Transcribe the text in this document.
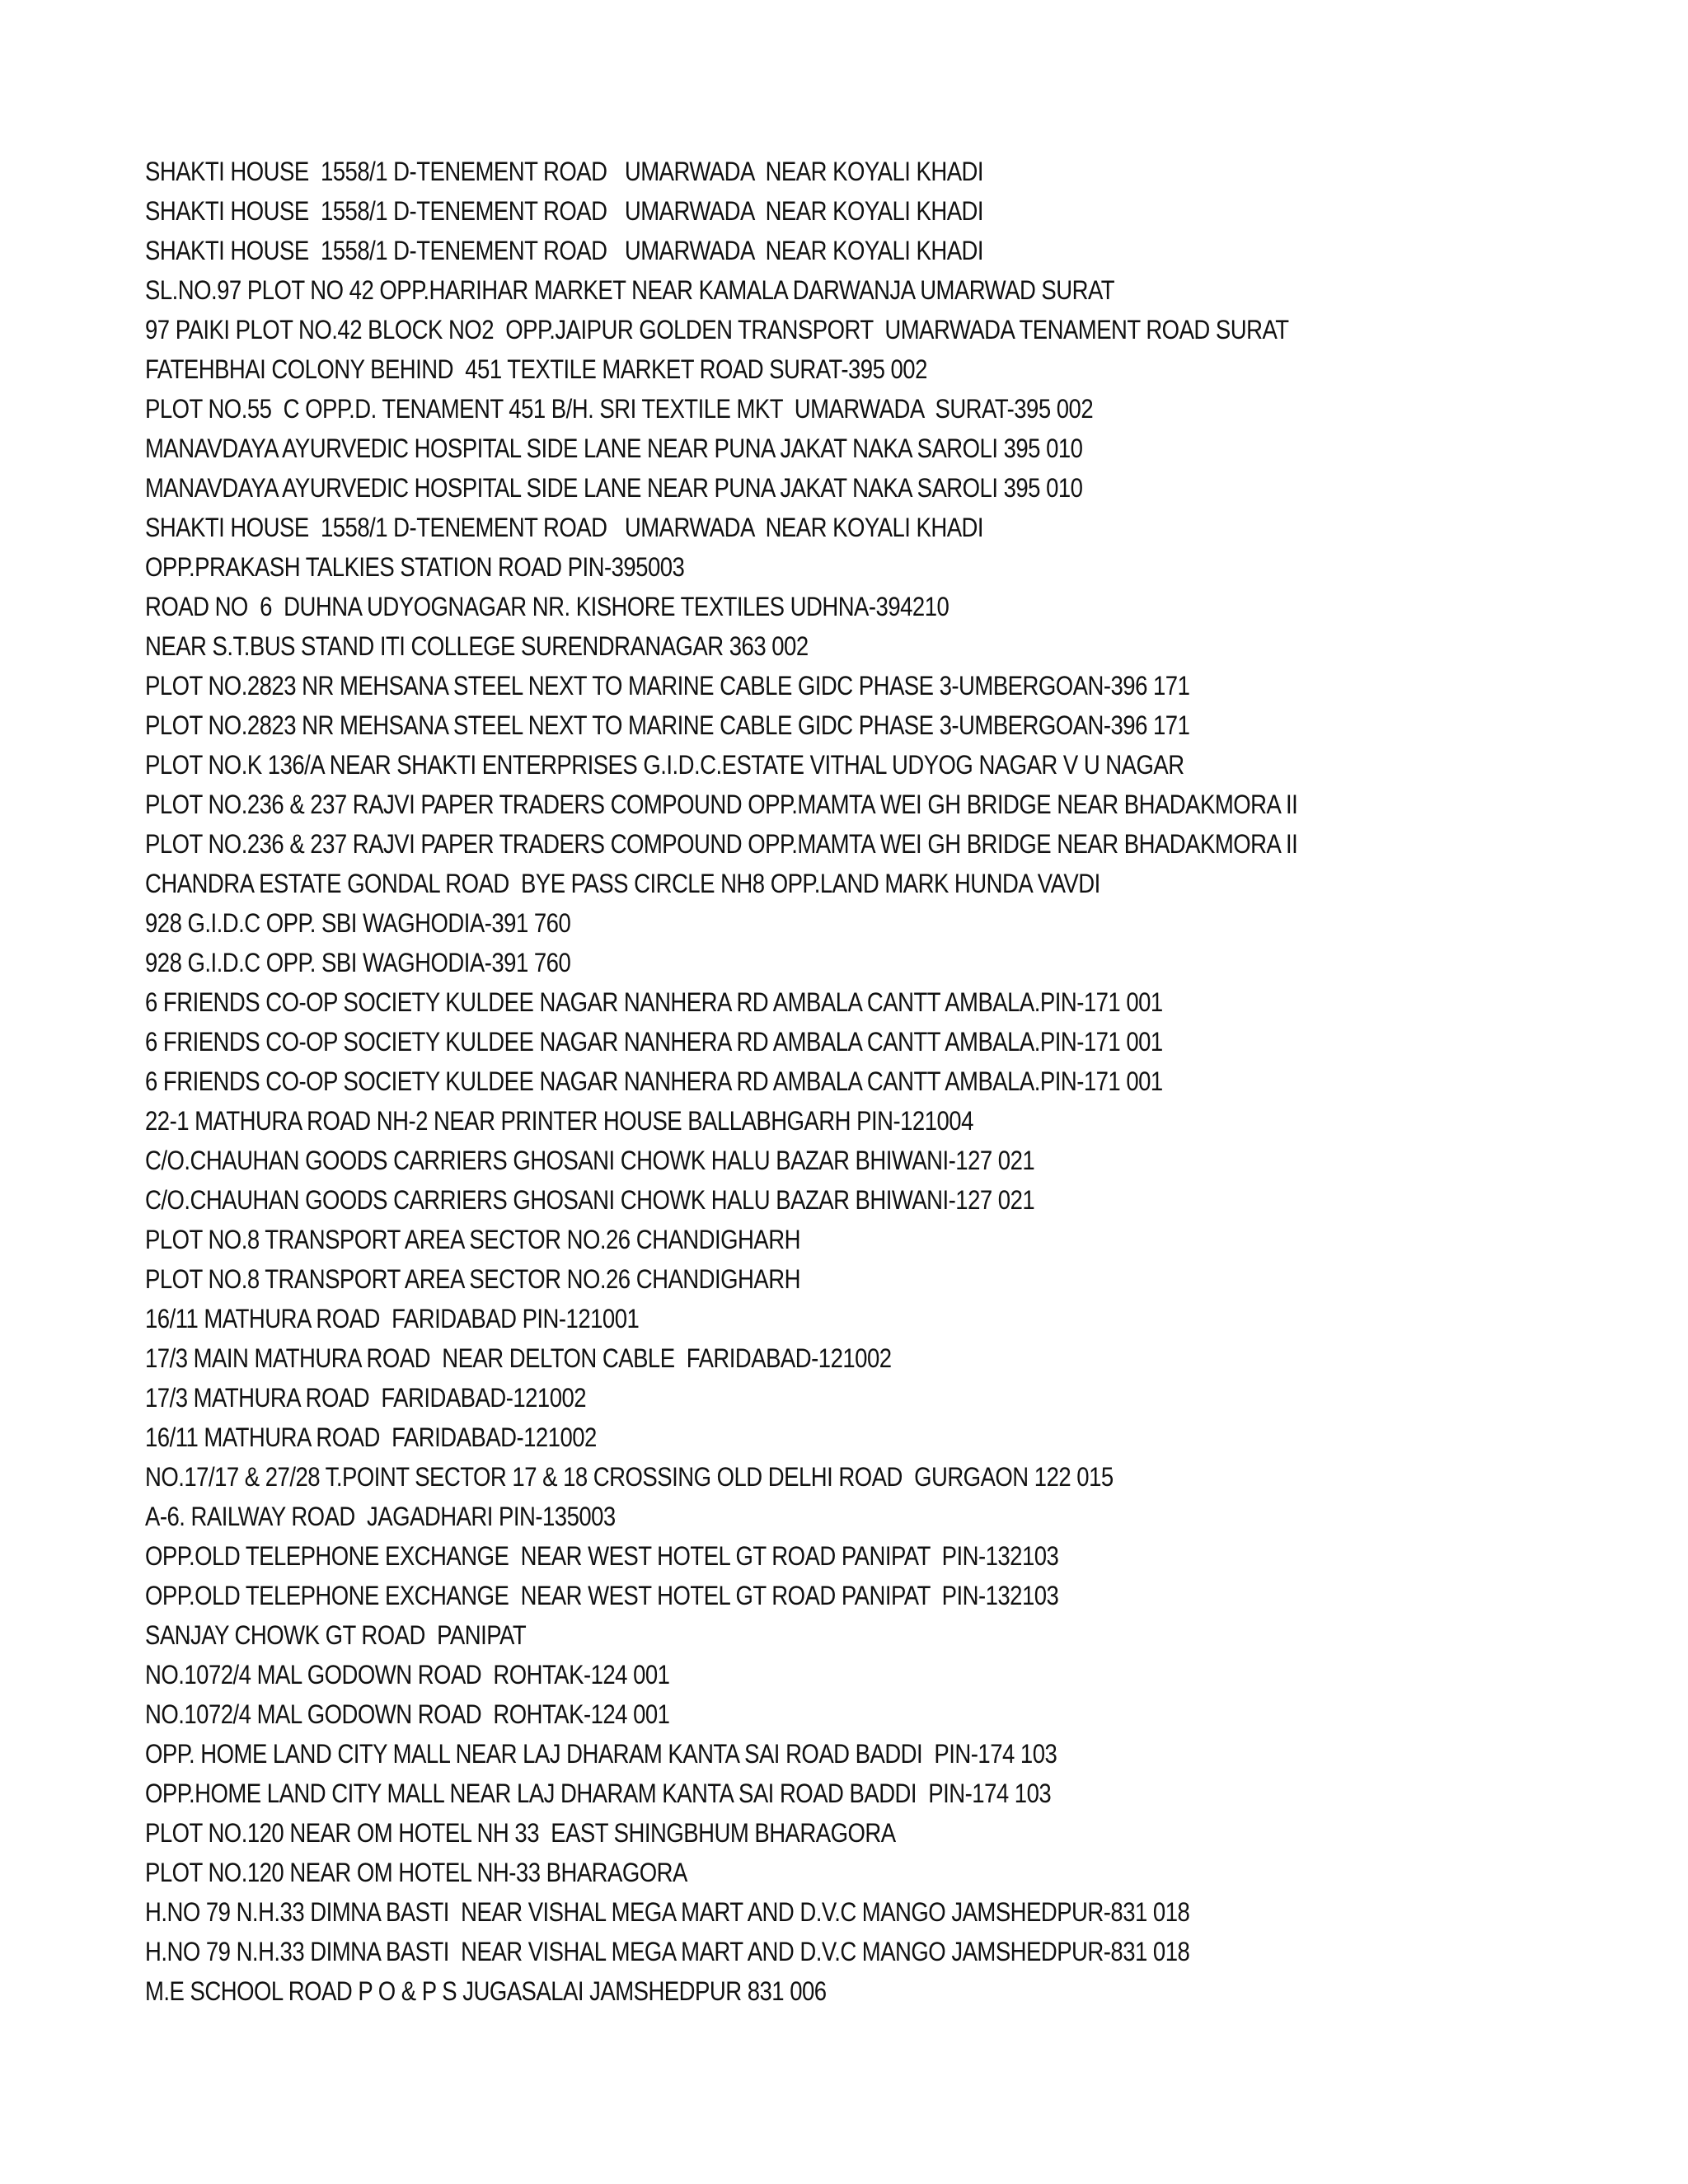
SHAKTI HOUSE  1558/1 D-TENEMENT ROAD   UMARWADA  NEAR KOYALI KHADI
SHAKTI HOUSE  1558/1 D-TENEMENT ROAD   UMARWADA  NEAR KOYALI KHADI
SHAKTI HOUSE  1558/1 D-TENEMENT ROAD   UMARWADA  NEAR KOYALI KHADI
SL.NO.97 PLOT NO 42 OPP.HARIHAR MARKET NEAR KAMALA DARWANJA UMARWAD SURAT
97 PAIKI PLOT NO.42 BLOCK NO2  OPP.JAIPUR GOLDEN TRANSPORT  UMARWADA TENAMENT ROAD SURAT
FATEHBHAI COLONY BEHIND  451 TEXTILE MARKET ROAD SURAT-395 002
PLOT NO.55  C OPP.D. TENAMENT 451 B/H. SRI TEXTILE MKT  UMARWADA  SURAT-395 002
MANAVDAYA AYURVEDIC HOSPITAL SIDE LANE NEAR PUNA JAKAT NAKA SAROLI 395 010
MANAVDAYA AYURVEDIC HOSPITAL SIDE LANE NEAR PUNA JAKAT NAKA SAROLI 395 010
SHAKTI HOUSE  1558/1 D-TENEMENT ROAD   UMARWADA  NEAR KOYALI KHADI
OPP.PRAKASH TALKIES STATION ROAD PIN-395003
ROAD NO  6  DUHNA UDYOGNAGAR NR. KISHORE TEXTILES UDHNA-394210
NEAR S.T.BUS STAND ITI COLLEGE SURENDRANAGAR 363 002
PLOT NO.2823 NR MEHSANA STEEL NEXT TO MARINE CABLE GIDC PHASE 3-UMBERGOAN-396 171
PLOT NO.2823 NR MEHSANA STEEL NEXT TO MARINE CABLE GIDC PHASE 3-UMBERGOAN-396 171
PLOT NO.K 136/A NEAR SHAKTI ENTERPRISES G.I.D.C.ESTATE VITHAL UDYOG NAGAR V U NAGAR
PLOT NO.236 & 237 RAJVI PAPER TRADERS COMPOUND OPP.MAMTA WEI GH BRIDGE NEAR BHADAKMORA II
PLOT NO.236 & 237 RAJVI PAPER TRADERS COMPOUND OPP.MAMTA WEI GH BRIDGE NEAR BHADAKMORA II
CHANDRA ESTATE GONDAL ROAD  BYE PASS CIRCLE NH8 OPP.LAND MARK HUNDA VAVDI
928 G.I.D.C OPP. SBI WAGHODIA-391 760
928 G.I.D.C OPP. SBI WAGHODIA-391 760
6 FRIENDS CO-OP SOCIETY KULDEE NAGAR NANHERA RD AMBALA CANTT AMBALA.PIN-171 001
6 FRIENDS CO-OP SOCIETY KULDEE NAGAR NANHERA RD AMBALA CANTT AMBALA.PIN-171 001
6 FRIENDS CO-OP SOCIETY KULDEE NAGAR NANHERA RD AMBALA CANTT AMBALA.PIN-171 001
22-1 MATHURA ROAD NH-2 NEAR PRINTER HOUSE BALLABHGARH PIN-121004
C/O.CHAUHAN GOODS CARRIERS GHOSANI CHOWK HALU BAZAR BHIWANI-127 021
C/O.CHAUHAN GOODS CARRIERS GHOSANI CHOWK HALU BAZAR BHIWANI-127 021
PLOT NO.8 TRANSPORT AREA SECTOR NO.26 CHANDIGHARH
PLOT NO.8 TRANSPORT AREA SECTOR NO.26 CHANDIGHARH
16/11 MATHURA ROAD  FARIDABAD PIN-121001
17/3 MAIN MATHURA ROAD  NEAR DELTON CABLE  FARIDABAD-121002
17/3 MATHURA ROAD  FARIDABAD-121002
16/11 MATHURA ROAD  FARIDABAD-121002
NO.17/17 & 27/28 T.POINT SECTOR 17 & 18 CROSSING OLD DELHI ROAD  GURGAON 122 015
A-6. RAILWAY ROAD  JAGADHARI PIN-135003
OPP.OLD TELEPHONE EXCHANGE  NEAR WEST HOTEL GT ROAD PANIPAT  PIN-132103
OPP.OLD TELEPHONE EXCHANGE  NEAR WEST HOTEL GT ROAD PANIPAT  PIN-132103
SANJAY CHOWK GT ROAD  PANIPAT
NO.1072/4 MAL GODOWN ROAD  ROHTAK-124 001
NO.1072/4 MAL GODOWN ROAD  ROHTAK-124 001
OPP. HOME LAND CITY MALL NEAR LAJ DHARAM KANTA SAI ROAD BADDI  PIN-174 103
OPP.HOME LAND CITY MALL NEAR LAJ DHARAM KANTA SAI ROAD BADDI  PIN-174 103
PLOT NO.120 NEAR OM HOTEL NH 33  EAST SHINGBHUM BHARAGORA
PLOT NO.120 NEAR OM HOTEL NH-33 BHARAGORA
H.NO 79 N.H.33 DIMNA BASTI  NEAR VISHAL MEGA MART AND D.V.C MANGO JAMSHEDPUR-831 018
H.NO 79 N.H.33 DIMNA BASTI  NEAR VISHAL MEGA MART AND D.V.C MANGO JAMSHEDPUR-831 018
M.E SCHOOL ROAD P O & P S JUGASALAI JAMSHEDPUR 831 006
